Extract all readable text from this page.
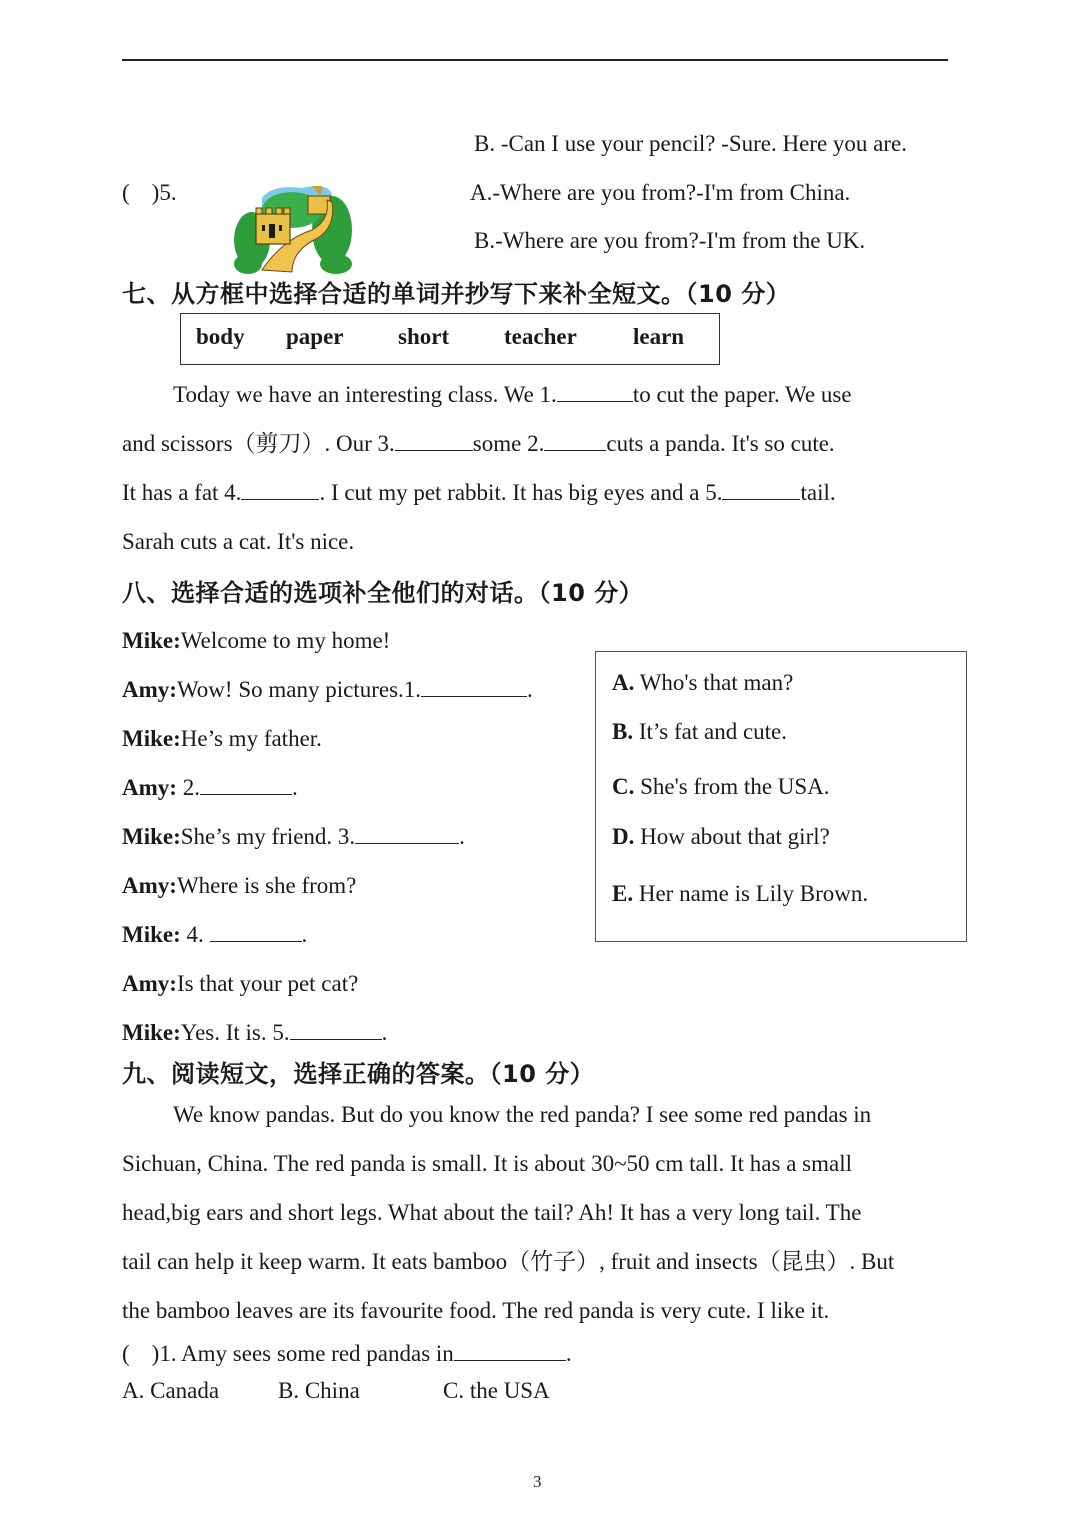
B. -Can I use your pencil? -Sure. Here you are.
( )5.	A.-Where are you from?-I'm from China.
B.-Where are you from?-I'm from the UK.
七、从方框中选择合适的单词并抄写下来补全短文。（10 分）
body paper short teacher learn
Today we have an interesting class. We 1.	to cut the paper. We use
and scissors（剪刀）. Our 3.	some 2.	cuts a panda. It's so cute.
It has a fat 4.	. I cut my pet rabbit. It has big eyes and a 5.	tail.
Sarah cuts a cat. It's nice.
八、选择合适的选项补全他们的对话。（10 分）
Mike:Welcome to my home!
Amy:Wow! So many pictures.1.	.
Mike:He’s my father.
Amy: 2.	.
Mike:She’s my friend. 3.	.
Amy:Where is she from?
Mike: 4.	.
Amy:Is that your pet cat?
Mike:Yes. It is. 5.	.
A. Who's that man?
B. It’s fat and cute.
C. She's from the USA.
D. How about that girl?
E. Her name is Lily Brown.
九、阅读短文，选择正确的答案。（10 分）
We know pandas. But do you know the red panda? I see some red pandas in
Sichuan, China. The red panda is small. It is about 30~50 cm tall. It has a small
head,big ears and short legs. What about the tail? Ah! It has a very long tail. The
tail can help it keep warm. It eats bamboo（竹子）, fruit and insects（昆虫）. But
the bamboo leaves are its favourite food. The red panda is very cute. I like it.
( )1. Amy sees some red pandas in	.
A. Canada	B. China	C. the USA
3
